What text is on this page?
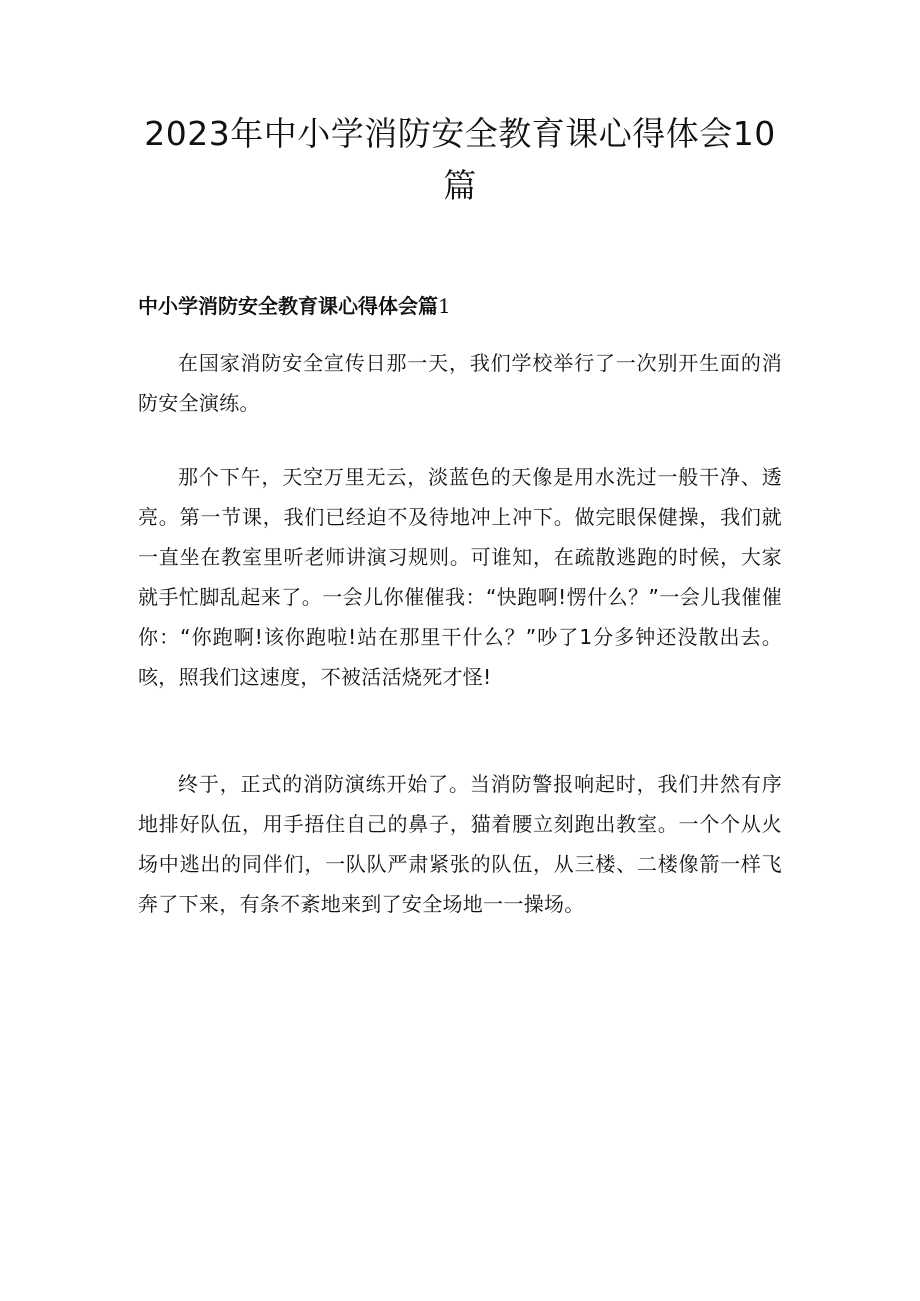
2023年中小学消防安全教育课心得体会10篇
中小学消防安全教育课心得体会篇1

在国家消防安全宣传日那一天，我们学校举行了一次别开生面的消防安全演练。

那个下午，天空万里无云，淡蓝色的天像是用水洗过一般干净、透亮。第一节课，我们已经迫不及待地冲上冲下。做完眼保健操，我们就一直坐在教室里听老师讲演习规则。可谁知，在疏散逃跑的时候，大家就手忙脚乱起来了。一会儿你催催我：“快跑啊!愣什么？”一会儿我催催你：“你跑啊!该你跑啦!站在那里干什么？”吵了1分多钟还没散出去。咳，照我们这速度，不被活活烧死才怪!

终于，正式的消防演练开始了。当消防警报响起时，我们井然有序地排好队伍，用手捂住自己的鼻子，猫着腰立刻跑出教室。一个个从火场中逃出的同伴们，一队队严肃紧张的队伍，从三楼、二楼像箭一样飞奔了下来，有条不紊地来到了安全场地一一操场。
